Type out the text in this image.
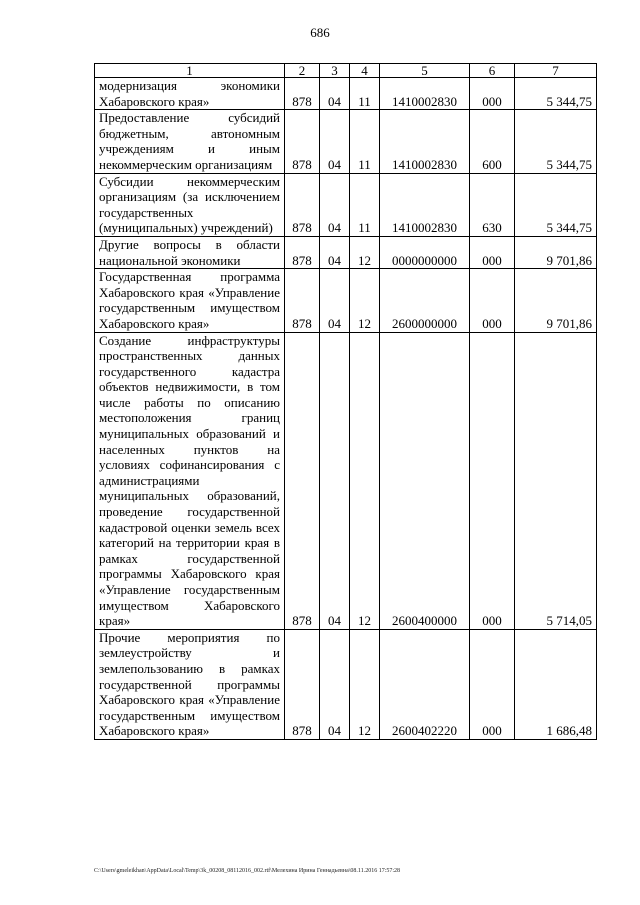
686
1	2	3	4	5	6	7
модернизация экономики Хабаровского края»	878	04	11	1410002830	000	5 344,75
Предоставление субсидий бюджетным, автономным учреждениям и иным некоммерческим организациям	878	04	11	1410002830	600	5 344,75
Субсидии некоммерческим организациям (за исключением государственных (муниципальных) учреждений)	878	04	11	1410002830	630	5 344,75
Другие вопросы в области национальной экономики	878	04	12	0000000000	000	9 701,86
Государственная программа Хабаровского края «Управление государственным имуществом Хабаровского края»	878	04	12	2600000000	000	9 701,86
Создание инфраструктуры пространственных данных государственного кадастра объектов недвижимости, в том числе работы по описанию местоположения границ муниципальных образований и населенных пунктов на условиях софинансирования с администрациями муниципальных образований, проведение государственной кадастровой оценки земель всех категорий на территории края в рамках государственной программы Хабаровского края «Управление государственным имуществом Хабаровского края»	878	04	12	2600400000	000	5 714,05
Прочие мероприятия по землеустройству и землепользованию в рамках государственной программы Хабаровского края «Управление государственным имуществом Хабаровского края»	878	04	12	2600402220	000	1 686,48
C:\Users\gmeleikhan\AppData\Local\Temp\3k_00208_08112016_002.rtf\Мелехина Ирина Геннадьевна\08.11.2016 17:57:28
